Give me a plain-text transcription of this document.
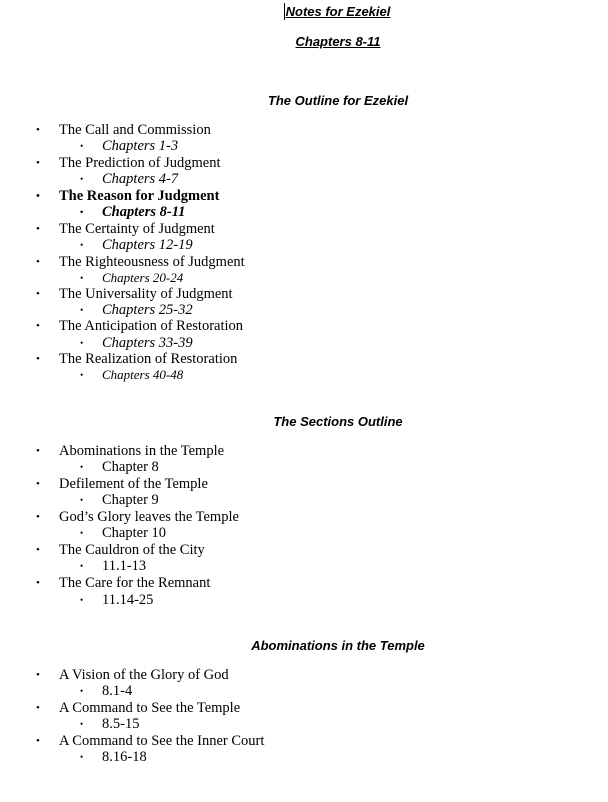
Notes for Ezekiel
Chapters 8-11
The Outline for Ezekiel
• The Call and Commission
• Chapters 1-3
• The Prediction of Judgment
• Chapters 4-7
• The Reason for Judgment
• Chapters 8-11
• The Certainty of Judgment
• Chapters 12-19
• The Righteousness of Judgment
• Chapters 20-24
• The Universality of Judgment
• Chapters 25-32
• The Anticipation of Restoration
• Chapters 33-39
• The Realization of Restoration
• Chapters 40-48
The Sections Outline
• Abominations in the Temple
• Chapter 8
• Defilement of the Temple
• Chapter 9
• God’s Glory leaves the Temple
• Chapter 10
• The Cauldron of the City
• 11.1-13
• The Care for the Remnant
• 11.14-25
Abominations in the Temple
• A Vision of the Glory of God
• 8.1-4
• A Command to See the Temple
• 8.5-15
• A Command to See the Inner Court
• 8.16-18
